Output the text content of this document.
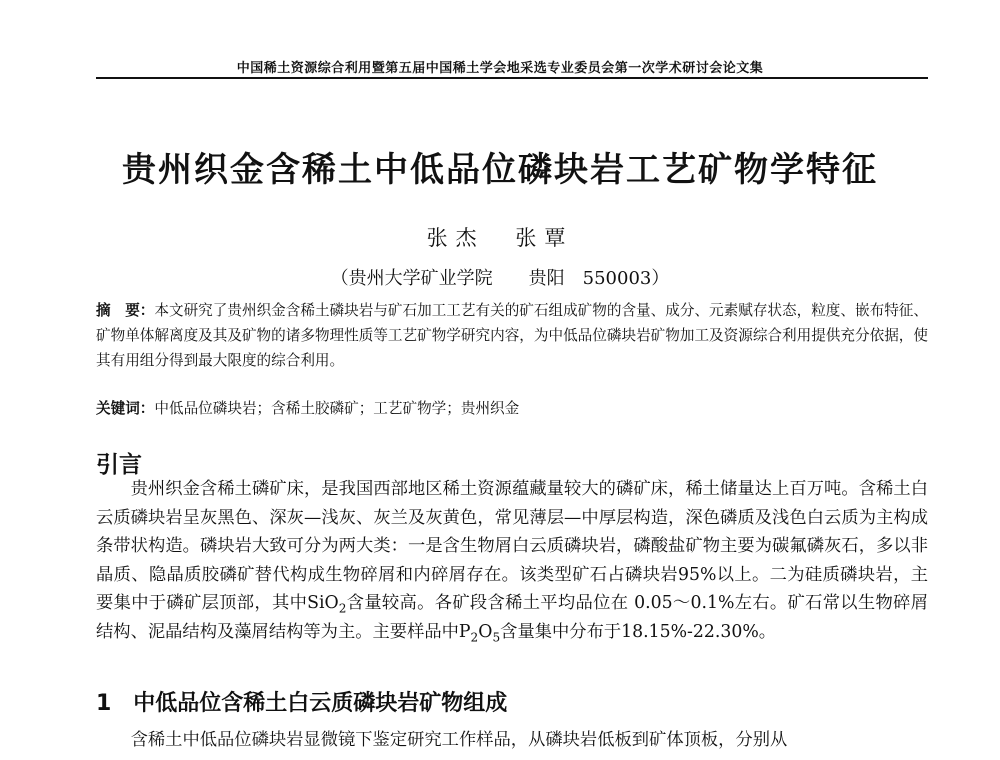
中国稀土资源综合利用暨第五届中国稀土学会地采选专业委员会第一次学术研讨会论文集
贵州织金含稀土中低品位磷块岩工艺矿物学特征
张杰 张覃
（贵州大学矿业学院　　贵阳　550003）
摘　要：本文研究了贵州织金含稀土磷块岩与矿石加工工艺有关的矿石组成矿物的含量、成分、元素赋存状态，粒度、嵌布特征、矿物单体解离度及其及矿物的诸多物理性质等工艺矿物学研究内容，为中低品位磷块岩矿物加工及资源综合利用提供充分依据，使其有用组分得到最大限度的综合利用。
关键词：中低品位磷块岩；含稀土胶磷矿；工艺矿物学；贵州织金
引言

贵州织金含稀土磷矿床，是我国西部地区稀土资源蕴藏量较大的磷矿床，稀土储量达上百万吨。含稀土白云质磷块岩呈灰黑色、深灰—浅灰、灰兰及灰黄色，常见薄层—中厚层构造，深色磷质及浅色白云质为主构成条带状构造。磷块岩大致可分为两大类：一是含生物屑白云质磷块岩，磷酸盐矿物主要为碳氟磷灰石，多以非晶质、隐晶质胶磷矿替代构成生物碎屑和内碎屑存在。该类型矿石占磷块岩95%以上。二为硅质磷块岩，主要集中于磷矿层顶部，其中SiO$_2$含量较高。各矿段含稀土平均品位在 0.05～0.1%左右。矿石常以生物碎屑结构、泥晶结构及藻屑结构等为主。主要样品中$P_2O_5$含量集中分布于18.15%-22.30%。

1　中低品位含稀土白云质磷块岩矿物组成

含稀土中低品位磷块岩显微镜下鉴定研究工作样品，从磷块岩低板到矿体顶板，分别从
